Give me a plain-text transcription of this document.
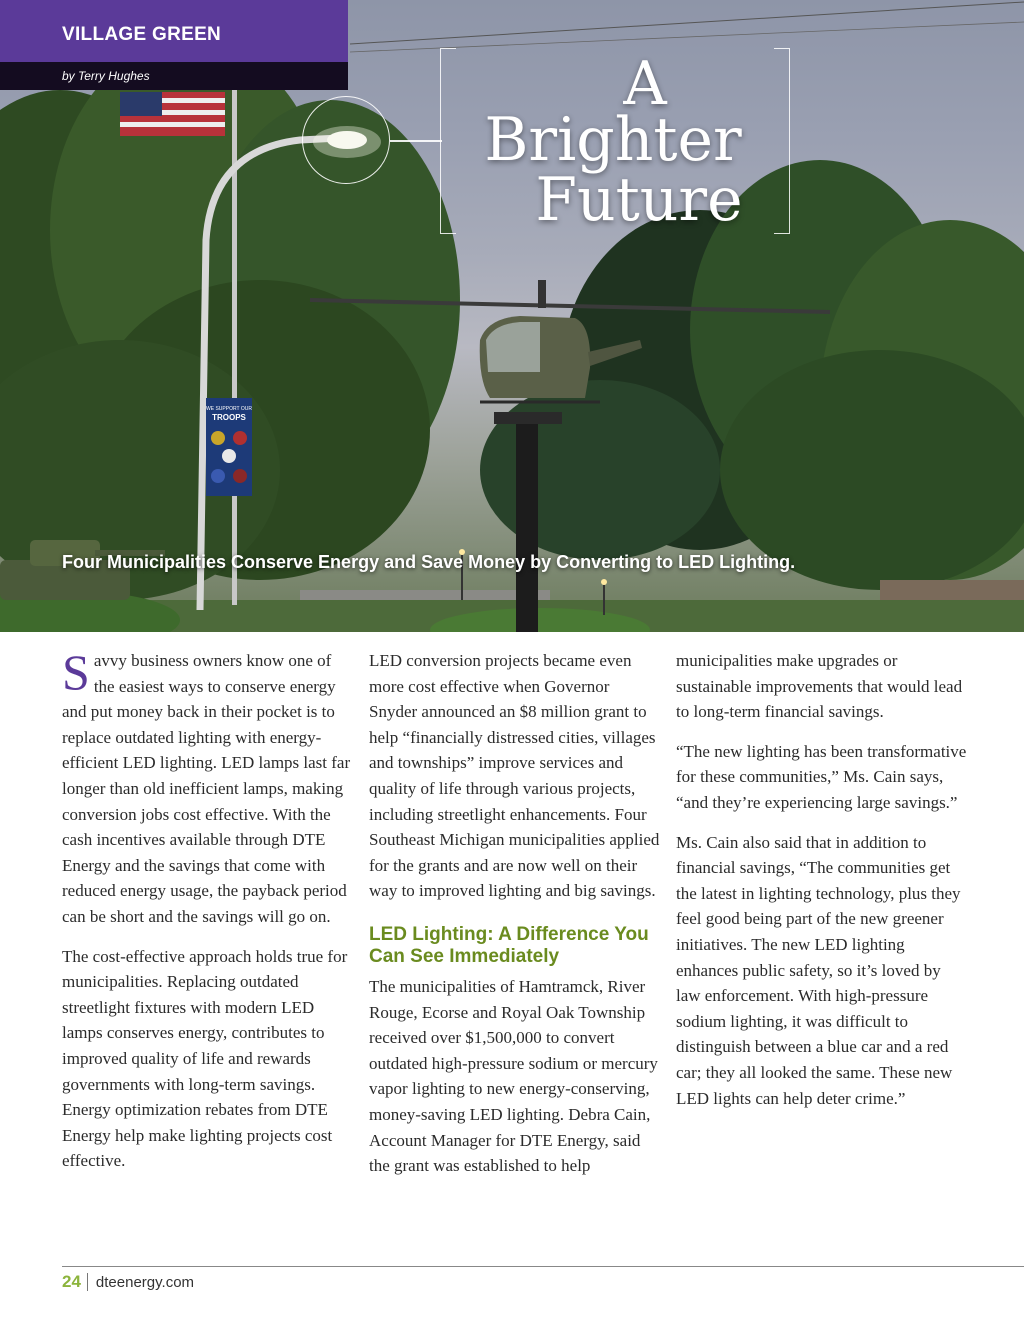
WE SUPPORT OUR
TROOPS
VILLAGE GREEN
by Terry Hughes	A
Brighter
Future
Four Municipalities Conserve Energy and Save Money by Converting to LED Lighting.

Savvy business owners know one of the easiest ways to conserve energy and put money back in their pocket is to replace outdated lighting with energy-efficient LED lighting. LED lamps last far longer than old inefficient lamps, making conversion jobs cost effective. With the cash incentives available through DTE Energy and the savings that come with reduced energy usage, the payback period can be short and the savings will go on.

The cost-effective approach holds true for municipalities. Replacing outdated streetlight fixtures with modern LED lamps conserves energy, contributes to improved quality of life and rewards governments with long-term savings. Energy optimization rebates from DTE Energy help make lighting projects cost effective.

LED conversion projects became even more cost effective when Governor Snyder announced an $8 million grant to help “financially distressed cities, villages and townships” improve services and quality of life through various projects, including streetlight enhancements. Four Southeast Michigan municipalities applied for the grants and are now well on their way to improved lighting and big savings.

LED Lighting: A Difference You Can See Immediately

The municipalities of Hamtramck, River Rouge, Ecorse and Royal Oak Township received over $1,500,000 to convert outdated high-pressure sodium or mercury vapor lighting to new energy-conserving, money-saving LED lighting. Debra Cain, Account Manager for DTE Energy, said the grant was established to help

municipalities make upgrades or sustainable improvements that would lead to long-term financial savings.

“The new lighting has been transformative for these communities,” Ms. Cain says, “and they’re experiencing large savings.”

Ms. Cain also said that in addition to financial savings, “The communities get the latest in lighting technology, plus they feel good being part of the new greener initiatives. The new LED lighting enhances public safety, so it’s loved by law enforcement. With high-pressure sodium lighting, it was difficult to distinguish between a blue car and a red car; they all looked the same. These new LED lights can help deter crime.”

24 dteenergy.com
